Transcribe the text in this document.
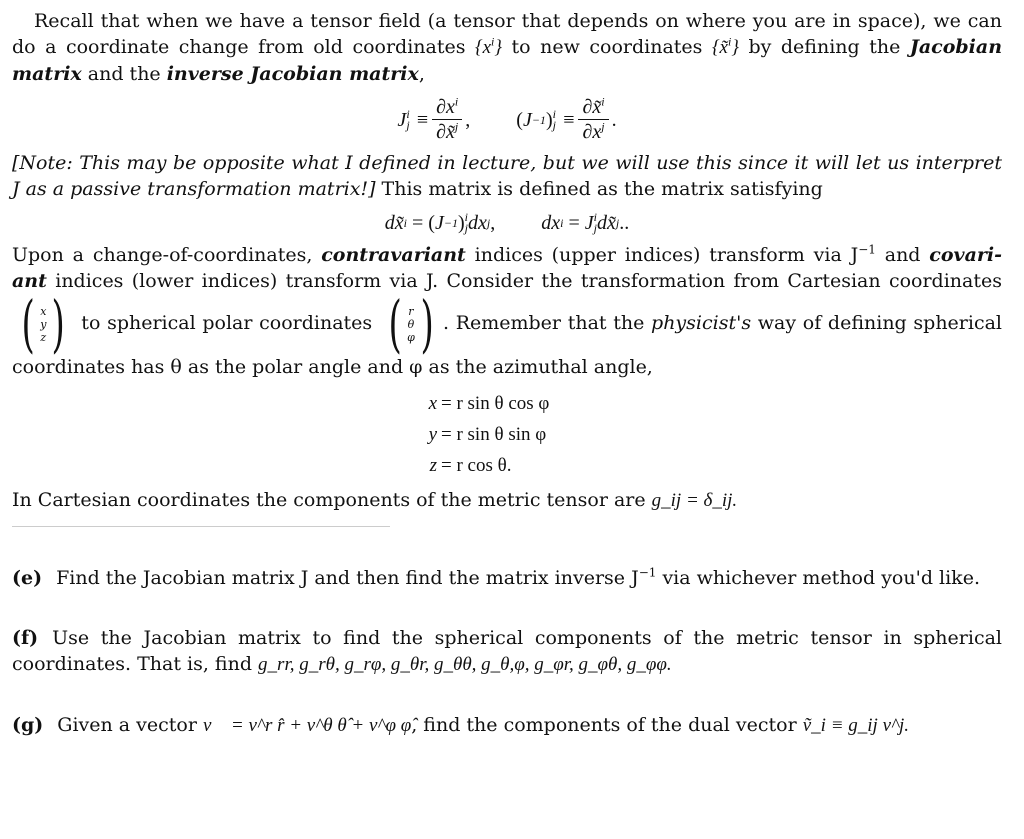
Recall that when we have a tensor field (a tensor that depends on where you are in space), we can do a coordinate change from old coordinates $\{x^i\}$ to new coordinates {x̃$^i$} by defining the Jacobian matrix and the inverse Jacobian matrix,

J i
$j \equiv \frac{\partial x^i}{\partial x̃^j}$ , ( J −1 ) i
$j \equiv \frac{\partial x̃^i}{\partial x^j}$ .

[Note: This may be opposite what I defined in lecture, but we will use this since it will let us interpret J as a passive transformation matrix!] This matrix is defined as the matrix satisfying

dx̃ i
=
( J −1 ) i
j dx j , dx i
= J i
j dx̃ j ..

Upon a change-of-coordinates, contravariant indices (upper indices) transform via $J^{-1}$ and covari-ant indices (lower indices) transform via J. Consider the transformation from Cartesian coordinates
( x
y
z ) to spherical polar coordinates ( r
θ
φ ) . Remember that the physicist's way of defining spherical coordinates has θ as the polar angle and φ as the azimuthal angle,

x = r sin θ cos φ
y = r sin θ sin φ
z = r cos θ.

In Cartesian coordinates the components of the metric tensor are g_ij = δ_ij.

(e) Find the Jacobian matrix J and then find the matrix inverse $J^{-1}$ via whichever method you'd like.

(f) Use the Jacobian matrix to find the spherical components of the metric tensor in spherical coordinates. That is, find g_rr, g_rθ, g_rφ, g_θr, g_θθ, g_θ,φ, g_φr, g_φθ, g_φφ.

(g) Given a vector v⃗ = v^r r̂ + v^θ θ̂ + v^φ φ̂, find the components of the dual vector ṽ_i ≡ g_ij v^j.
